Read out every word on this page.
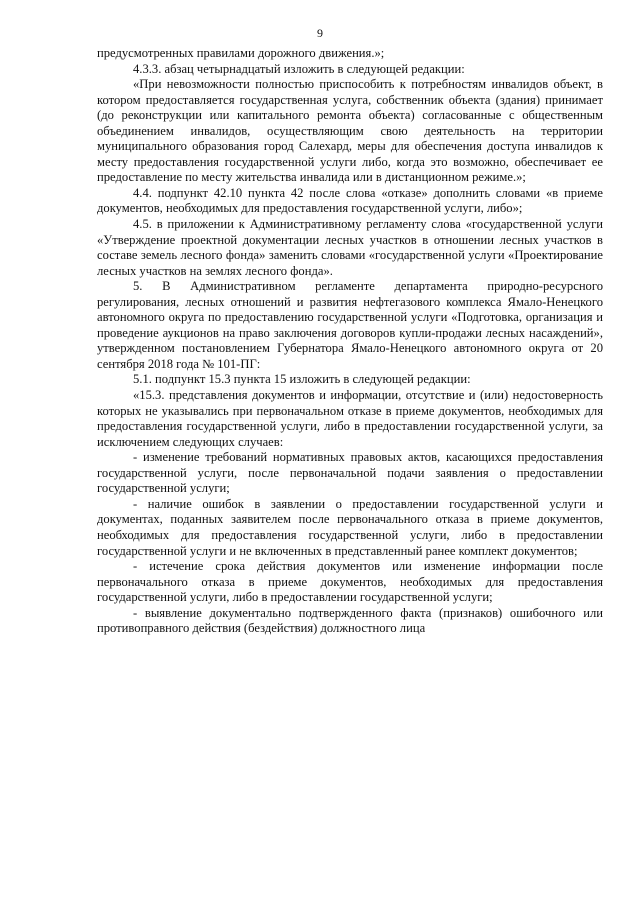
9

предусмотренных правилами дорожного движения.»;

4.3.3. абзац четырнадцатый изложить в следующей редакции:

«При невозможности полностью приспособить к потребностям инвалидов объект, в котором предоставляется государственная услуга, собственник объекта (здания) принимает (до реконструкции или капитального ремонта объекта) согласованные с общественным объединением инвалидов, осуществляющим свою деятельность на территории муниципального образования город Салехард, меры для обеспечения доступа инвалидов к месту предоставления государственной услуги либо, когда это возможно, обеспечивает ее предоставление по месту жительства инвалида или в дистанционном режиме.»;

4.4. подпункт 42.10 пункта 42 после слова «отказе» дополнить словами «в приеме документов, необходимых для предоставления государственной услуги, либо»;

4.5. в приложении к Административному регламенту слова «государственной услуги «Утверждение проектной документации лесных участков в отношении лесных участков в составе земель лесного фонда» заменить словами «государственной услуги «Проектирование лесных участков на землях лесного фонда».

5. В Административном регламенте департамента природно-ресурсного регулирования, лесных отношений и развития нефтегазового комплекса Ямало-Ненецкого автономного округа по предоставлению государственной услуги «Подготовка, организация и проведение аукционов на право заключения договоров купли-продажи лесных насаждений», утвержденном постановлением Губернатора Ямало-Ненецкого автономного округа от 20 сентября 2018 года № 101-ПГ:

5.1. подпункт 15.3 пункта 15 изложить в следующей редакции:

«15.3. представления документов и информации, отсутствие и (или) недостоверность которых не указывались при первоначальном отказе в приеме документов, необходимых для предоставления государственной услуги, либо в предоставлении государственной услуги, за исключением следующих случаев:

- изменение требований нормативных правовых актов, касающихся предоставления государственной услуги, после первоначальной подачи заявления о предоставлении государственной услуги;

- наличие ошибок в заявлении о предоставлении государственной услуги и документах, поданных заявителем после первоначального отказа в приеме документов, необходимых для предоставления государственной услуги, либо в предоставлении государственной услуги и не включенных в представленный ранее комплект документов;

- истечение срока действия документов или изменение информации после первоначального отказа в приеме документов, необходимых для предоставления государственной услуги, либо в предоставлении государственной услуги;

- выявление документально подтвержденного факта (признаков) ошибочного или противоправного действия (бездействия) должностного лица
